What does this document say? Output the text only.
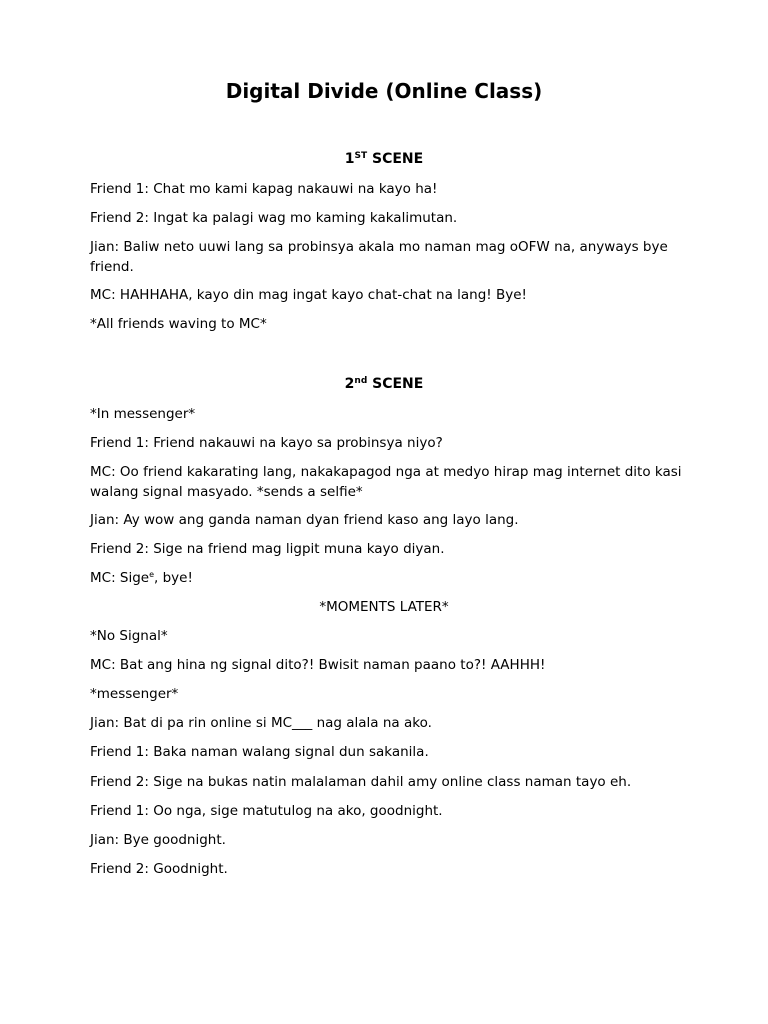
Digital Divide (Online Class)
1ST SCENE
Friend 1: Chat mo kami kapag nakauwi na kayo ha!
Friend 2: Ingat ka palagi wag mo kaming kakalimutan.
Jian: Baliw neto uuwi lang sa probinsya akala mo naman mag oOFW na, anyways bye friend.
MC: HAHHAHA, kayo din mag ingat kayo chat-chat na lang! Bye!
*All friends waving to MC*
2nd SCENE
*In messenger*
Friend 1: Friend nakauwi na kayo sa probinsya niyo?
MC: Oo friend kakarating lang, nakakapagod nga at medyo hirap mag internet dito kasi walang signal masyado. *sends a selfie*
Jian: Ay wow ang ganda naman dyan friend kaso ang layo lang.
Friend 2: Sige na friend mag ligpit muna kayo diyan.
MC: Sige$^e$, bye!
*MOMENTS LATER*
*No Signal*
MC: Bat ang hina ng signal dito?! Bwisit naman paano to?! AAHHH!
*messenger*
Jian: Bat di pa rin online si MC___ nag alala na ako.
Friend 1: Baka naman walang signal dun sakanila.
Friend 2: Sige na bukas natin malalaman dahil amy online class naman tayo eh.
Friend 1: Oo nga, sige matutulog na ako, goodnight.
Jian: Bye goodnight.
Friend 2: Goodnight.
